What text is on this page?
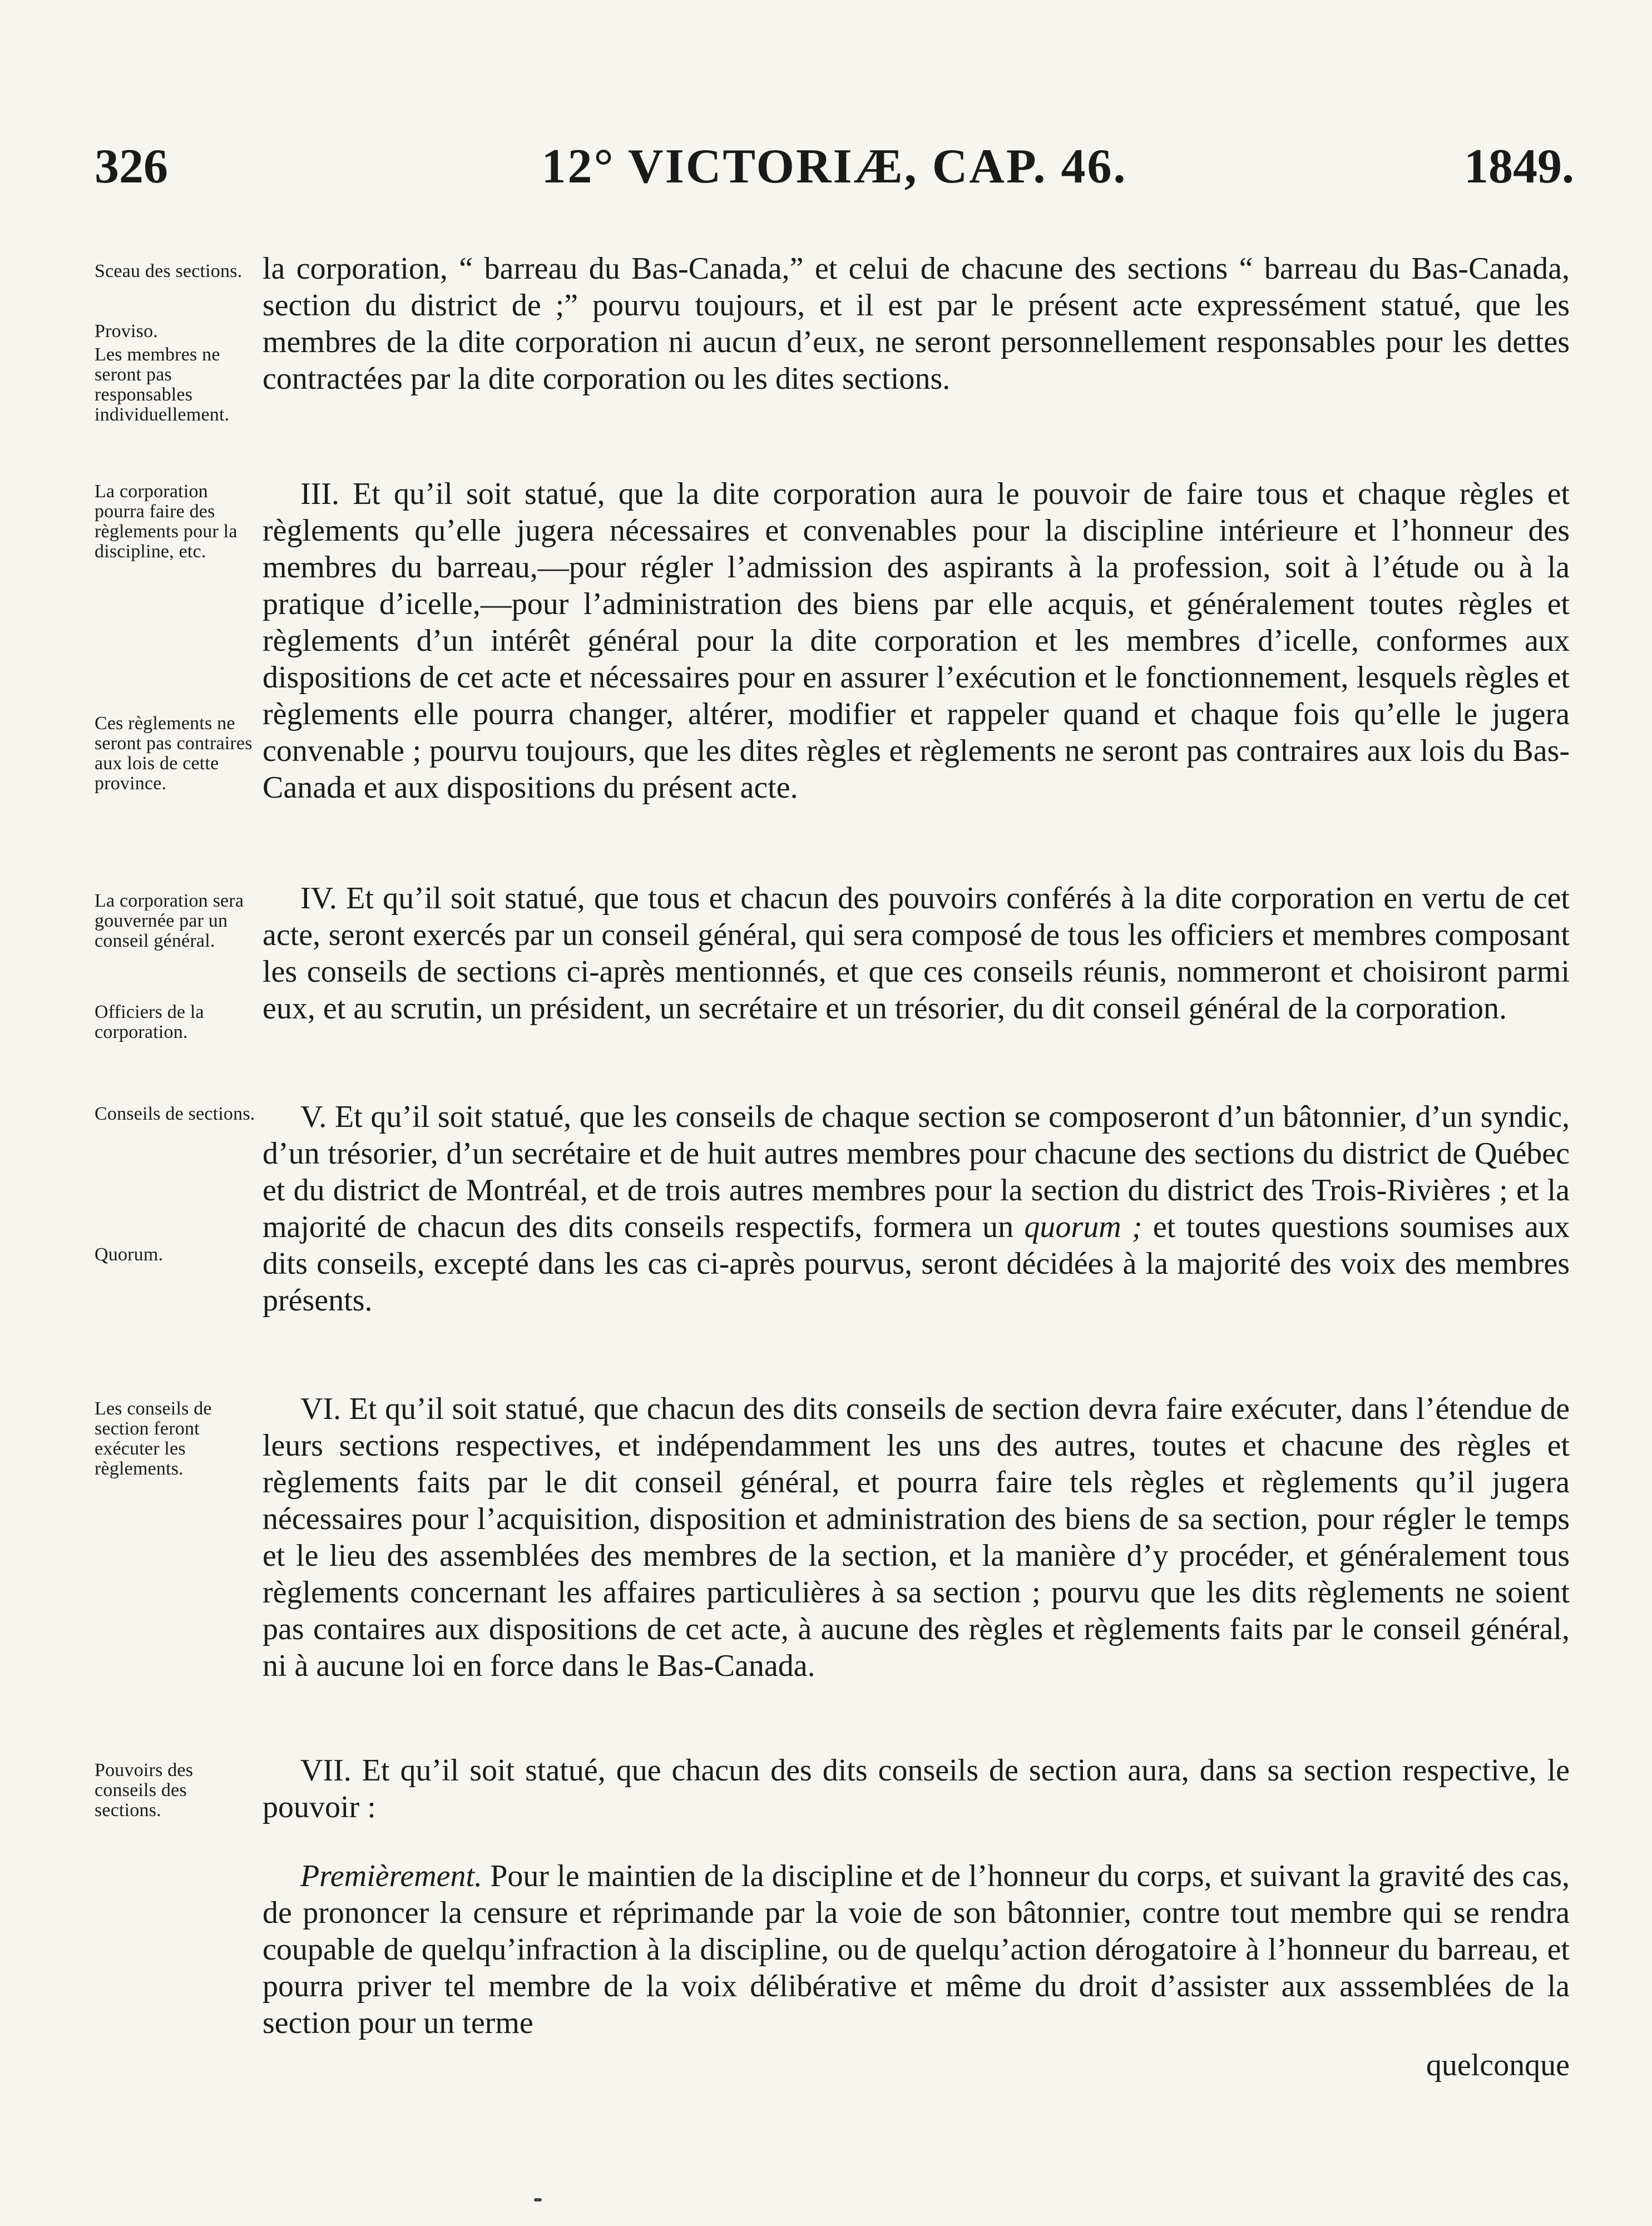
326	12° VICTORIÆ, CAP. 46.	1849.
Sceau des sections.
Proviso.
Les membres ne seront pas responsables individuellement.
La corporation pourra faire des règlements pour la discipline, etc.
Ces règlements ne seront pas contraires aux lois de cette province.
La corporation sera gouvernée par un conseil général.
Officiers de la corporation.
Conseils de sections.
Quorum.
Les conseils de section feront exécuter les règlements.
Pouvoirs des conseils des sections.

la corporation, “ barreau du Bas-Canada,” et celui de chacune des sections “ barreau du Bas-Canada, section du district de ;” pourvu toujours, et il est par le présent acte expressément statué, que les membres de la dite corporation ni aucun d’eux, ne seront personnellement responsables pour les dettes contractées par la dite corporation ou les dites sections.

III. Et qu’il soit statué, que la dite corporation aura le pouvoir de faire tous et chaque règles et règlements qu’elle jugera nécessaires et convenables pour la discipline intérieure et l’honneur des membres du barreau,—pour régler l’admission des aspirants à la profession, soit à l’étude ou à la pratique d’icelle,—pour l’administration des biens par elle acquis, et généralement toutes règles et règlements d’un intérêt général pour la dite corporation et les membres d’icelle, conformes aux dispositions de cet acte et nécessaires pour en assurer l’exécution et le fonctionnement, lesquels règles et règlements elle pourra changer, altérer, modifier et rappeler quand et chaque fois qu’elle le jugera convenable ; pourvu toujours, que les dites règles et règlements ne seront pas contraires aux lois du Bas-Canada et aux dispositions du présent acte.

IV. Et qu’il soit statué, que tous et chacun des pouvoirs conférés à la dite corporation en vertu de cet acte, seront exercés par un conseil général, qui sera composé de tous les officiers et membres composant les conseils de sections ci-après mentionnés, et que ces conseils réunis, nommeront et choisiront parmi eux, et au scrutin, un président, un secrétaire et un trésorier, du dit conseil général de la corporation.

V. Et qu’il soit statué, que les conseils de chaque section se composeront d’un bâtonnier, d’un syndic, d’un trésorier, d’un secrétaire et de huit autres membres pour chacune des sections du district de Québec et du district de Montréal, et de trois autres membres pour la section du district des Trois-Rivières ; et la majorité de chacun des dits conseils respectifs, formera un quorum ; et toutes questions soumises aux dits conseils, excepté dans les cas ci-après pourvus, seront décidées à la majorité des voix des membres présents.

VI. Et qu’il soit statué, que chacun des dits conseils de section devra faire exécuter, dans l’étendue de leurs sections respectives, et indépendamment les uns des autres, toutes et chacune des règles et règlements faits par le dit conseil général, et pourra faire tels règles et règlements qu’il jugera nécessaires pour l’acquisition, disposition et administration des biens de sa section, pour régler le temps et le lieu des assemblées des membres de la section, et la manière d’y procéder, et généralement tous règlements concernant les affaires particulières à sa section ; pourvu que les dits règlements ne soient pas contaires aux dispositions de cet acte, à aucune des règles et règlements faits par le conseil général, ni à aucune loi en force dans le Bas-Canada.

VII. Et qu’il soit statué, que chacun des dits conseils de section aura, dans sa section respective, le pouvoir :

Premièrement. Pour le maintien de la discipline et de l’honneur du corps, et suivant la gravité des cas, de prononcer la censure et réprimande par la voie de son bâtonnier, contre tout membre qui se rendra coupable de quelqu’infraction à la discipline, ou de quelqu’action dérogatoire à l’honneur du barreau, et pourra priver tel membre de la voix délibérative et même du droit d’assister aux asssemblées de la section pour un terme

quelconque
